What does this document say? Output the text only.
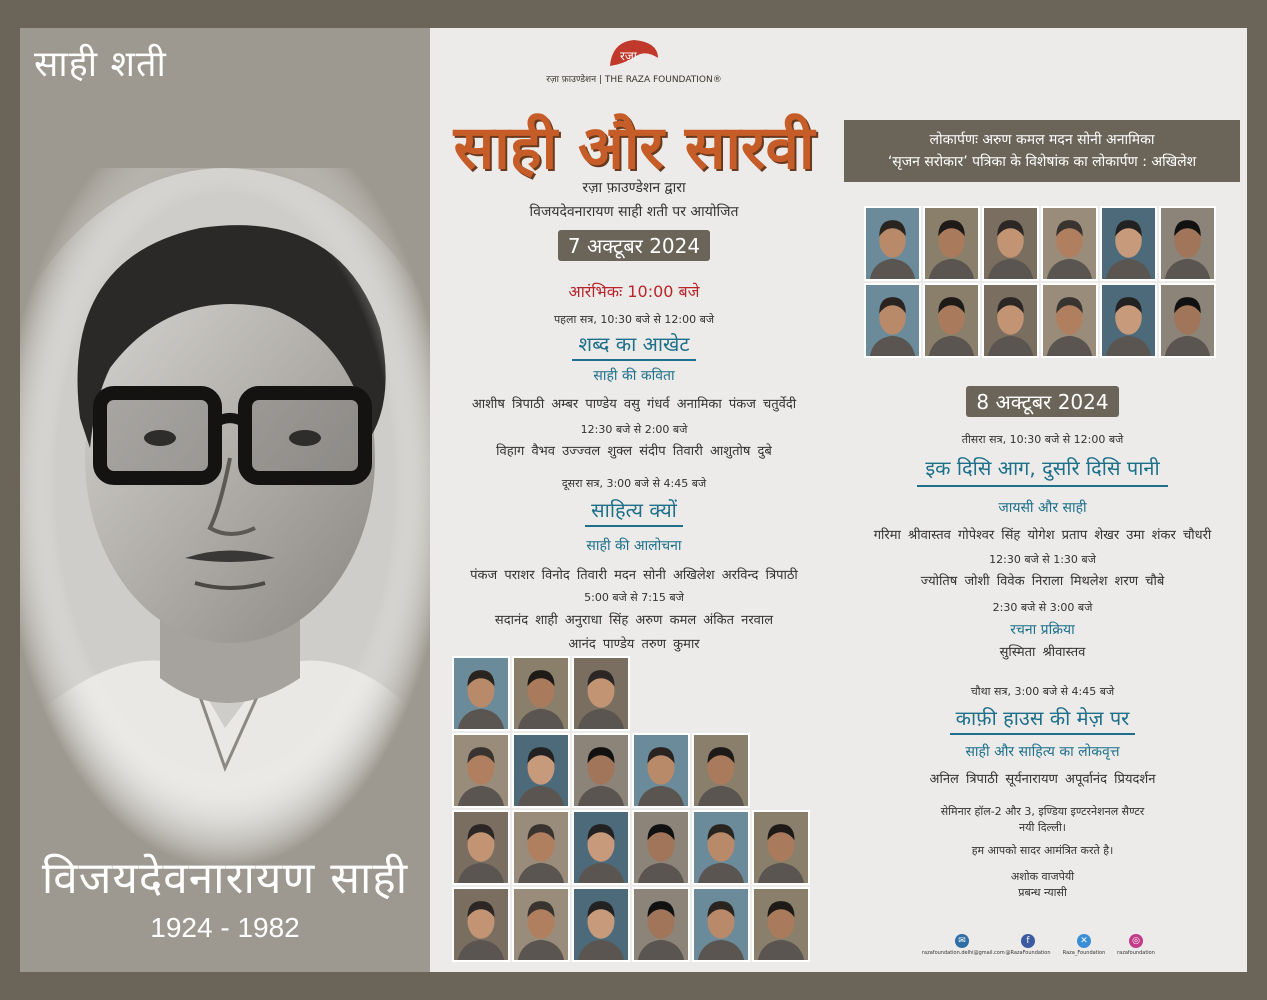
साही शती
विजयदेवनारायण साही
1924 - 1982
रज़ा
रज़ा फ़ाउण्डेशन | THE RAZA FOUNDATION®
साही और सारवी
रज़ा फ़ाउण्डेशन द्वारा
विजयदेवनारायण साही शती पर आयोजित
7 अक्टूबर 2024
आरंभिकः 10:00 बजे
पहला सत्र, 10:30 बजे से 12:00 बजे
शब्द का आखेट
साही की कविता
आशीष त्रिपाठी अम्बर पाण्डेय वसु गंधर्व अनामिका पंकज चतुर्वेदी
12:30 बजे से 2:00 बजे
विहाग वैभव उज्ज्वल शुक्ल संदीप तिवारी आशुतोष दुबे
दूसरा सत्र, 3:00 बजे से 4:45 बजे
साहित्य क्यों
साही की आलोचना
पंकज पराशर विनोद तिवारी मदन सोनी अखिलेश अरविन्द त्रिपाठी
5:00 बजे से 7:15 बजे
सदानंद शाही अनुराधा सिंह अरुण कमल अंकित नरवाल
आनंद पाण्डेय तरुण कुमार
लोकार्पणः अरुण कमल मदन सोनी अनामिका
‘सृजन सरोकार’ पत्रिका के विशेषांक का लोकार्पण : अखिलेश
8 अक्टूबर 2024
तीसरा सत्र, 10:30 बजे से 12:00 बजे
इक दिसि आग, दुसरि दिसि पानी
जायसी और साही
गरिमा श्रीवास्तव गोपेश्वर सिंह योगेश प्रताप शेखर उमा शंकर चौधरी
12:30 बजे से 1:30 बजे
ज्योतिष जोशी विवेक निराला मिथलेश शरण चौबे
2:30 बजे से 3:00 बजे
रचना प्रक्रिया
सुस्मिता श्रीवास्तव
चौथा सत्र, 3:00 बजे से 4:45 बजे
काफ़ी हाउस की मेज़ पर
साही और साहित्य का लोकवृत्त
अनिल त्रिपाठी सूर्यनारायण अपूर्वानंद प्रियदर्शन
सेमिनार हॉल-2 और 3, इण्डिया इण्टरनेशनल सैण्टर
नयी दिल्ली।
हम आपको सादर आमंत्रित करते है।
अशोक वाजपेयी
प्रबन्ध न्यासी
✉
razafoundation.delhi@gmail.com
f
@RazaFoundation
✕
Raza_Foundation
◎
razafoundation
